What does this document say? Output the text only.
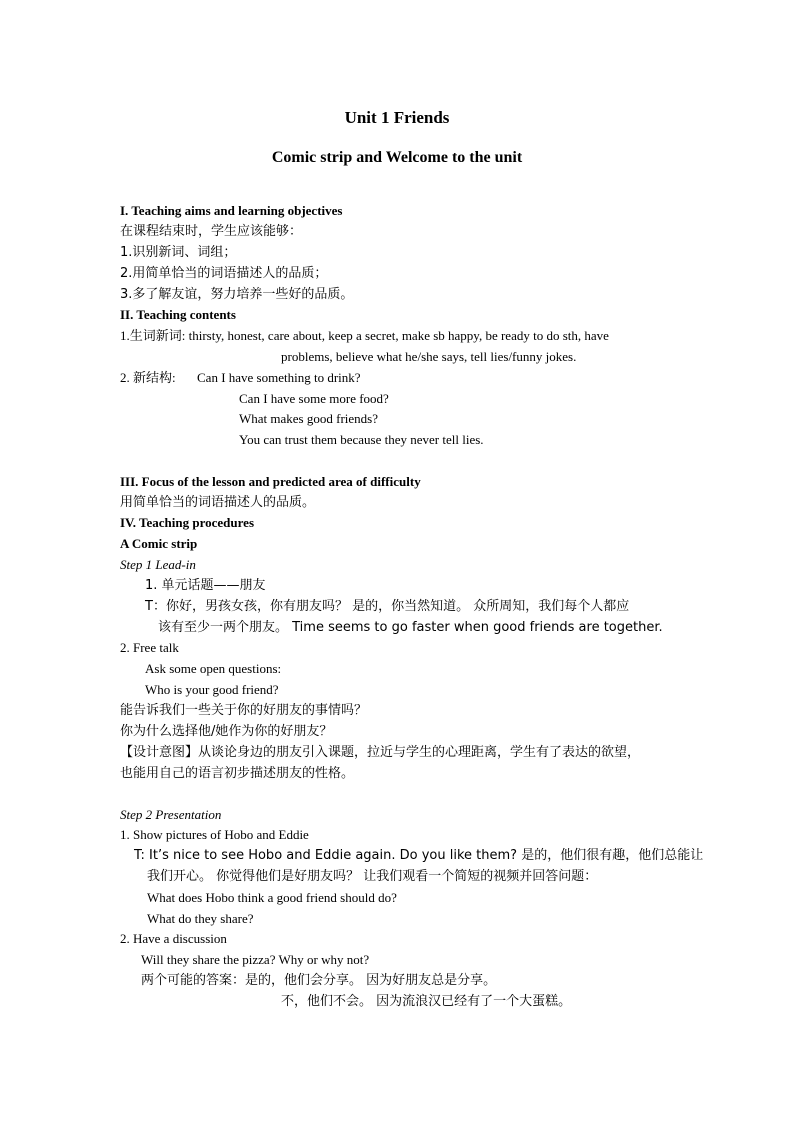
Unit 1 Friends
Comic strip and Welcome to the unit
I. Teaching aims and learning objectives
在课程结束时，学生应该能够：
1.识别新词、词组；
2.用简单恰当的词语描述人的品质；
3.多了解友谊，努力培养一些好的品质。
II. Teaching contents
1.生词新词: thirsty, honest, care about, keep a secret, make sb happy, be ready to do sth, have
problems, believe what he/she says, tell lies/funny jokes.
2. 新结构: Can I have something to drink?
Can I have some more food?
What makes good friends?
You can trust them because they never tell lies.
III. Focus of the lesson and predicted area of difficulty
用简单恰当的词语描述人的品质。
IV. Teaching procedures
A Comic strip
Step 1 Lead-in
1. 单元话题——朋友
T：你好，男孩女孩，你有朋友吗？ 是的，你当然知道。 众所周知，我们每个人都应
该有至少一两个朋友。 Time seems to go faster when good friends are together.
2. Free talk
Ask some open questions:
Who is your good friend?
能告诉我们一些关于你的好朋友的事情吗？
你为什么选择他/她作为你的好朋友？
【设计意图】从谈论身边的朋友引入课题，拉近与学生的心理距离，学生有了表达的欲望，
也能用自己的语言初步描述朋友的性格。
Step 2 Presentation
1. Show pictures of Hobo and Eddie
T: It’s nice to see Hobo and Eddie again. Do you like them? 是的，他们很有趣，他们总能让
我们开心。 你觉得他们是好朋友吗？ 让我们观看一个简短的视频并回答问题：
What does Hobo think a good friend should do?
What do they share?
2. Have a discussion
Will they share the pizza? Why or why not?
两个可能的答案：是的，他们会分享。 因为好朋友总是分享。
不，他们不会。 因为流浪汉已经有了一个大蛋糕。
